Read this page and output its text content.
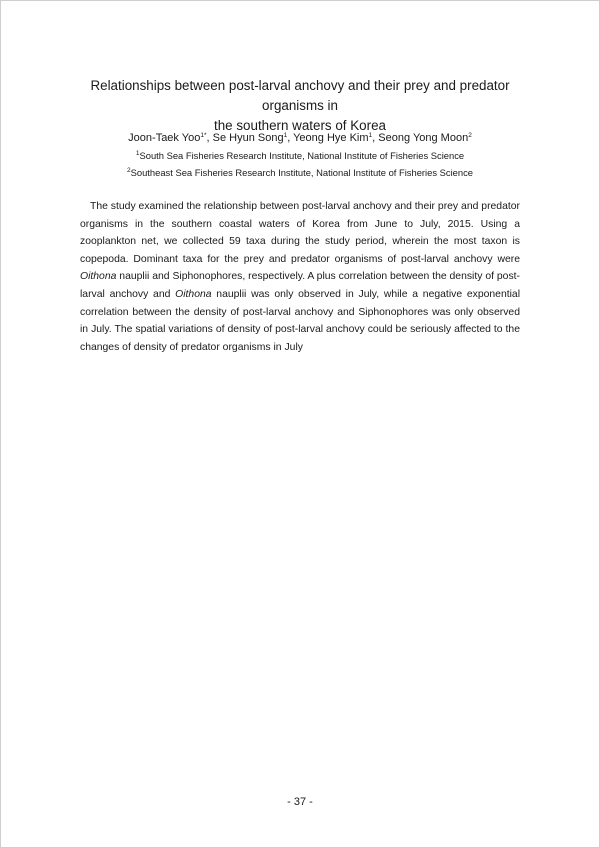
Relationships between post-larval anchovy and their prey and predator organisms in
the southern waters of Korea
Joon-Taek Yoo$^{1*}$, Se Hyun Song$^1$, Yeong Hye Kim$^1$, Seong Yong Moon$^2$
$^1$South Sea Fisheries Research Institute, National Institute of Fisheries Science
$^2$Southeast Sea Fisheries Research Institute, National Institute of Fisheries Science

The study examined the relationship between post-larval anchovy and their prey and predator organisms in the southern coastal waters of Korea from June to July, 2015. Using a zooplankton net, we collected 59 taxa during the study period, wherein the most taxon is copepoda. Dominant taxa for the prey and predator organisms of post-larval anchovy were Oithona nauplii and Siphonophores, respectively. A plus correlation between the density of post-larval anchovy and Oithona nauplii was only observed in July, while a negative exponential correlation between the density of post-larval anchovy and Siphonophores was only observed in July. The spatial variations of density of post-larval anchovy could be seriously affected to the changes of density of predator organisms in July

- 37 -
